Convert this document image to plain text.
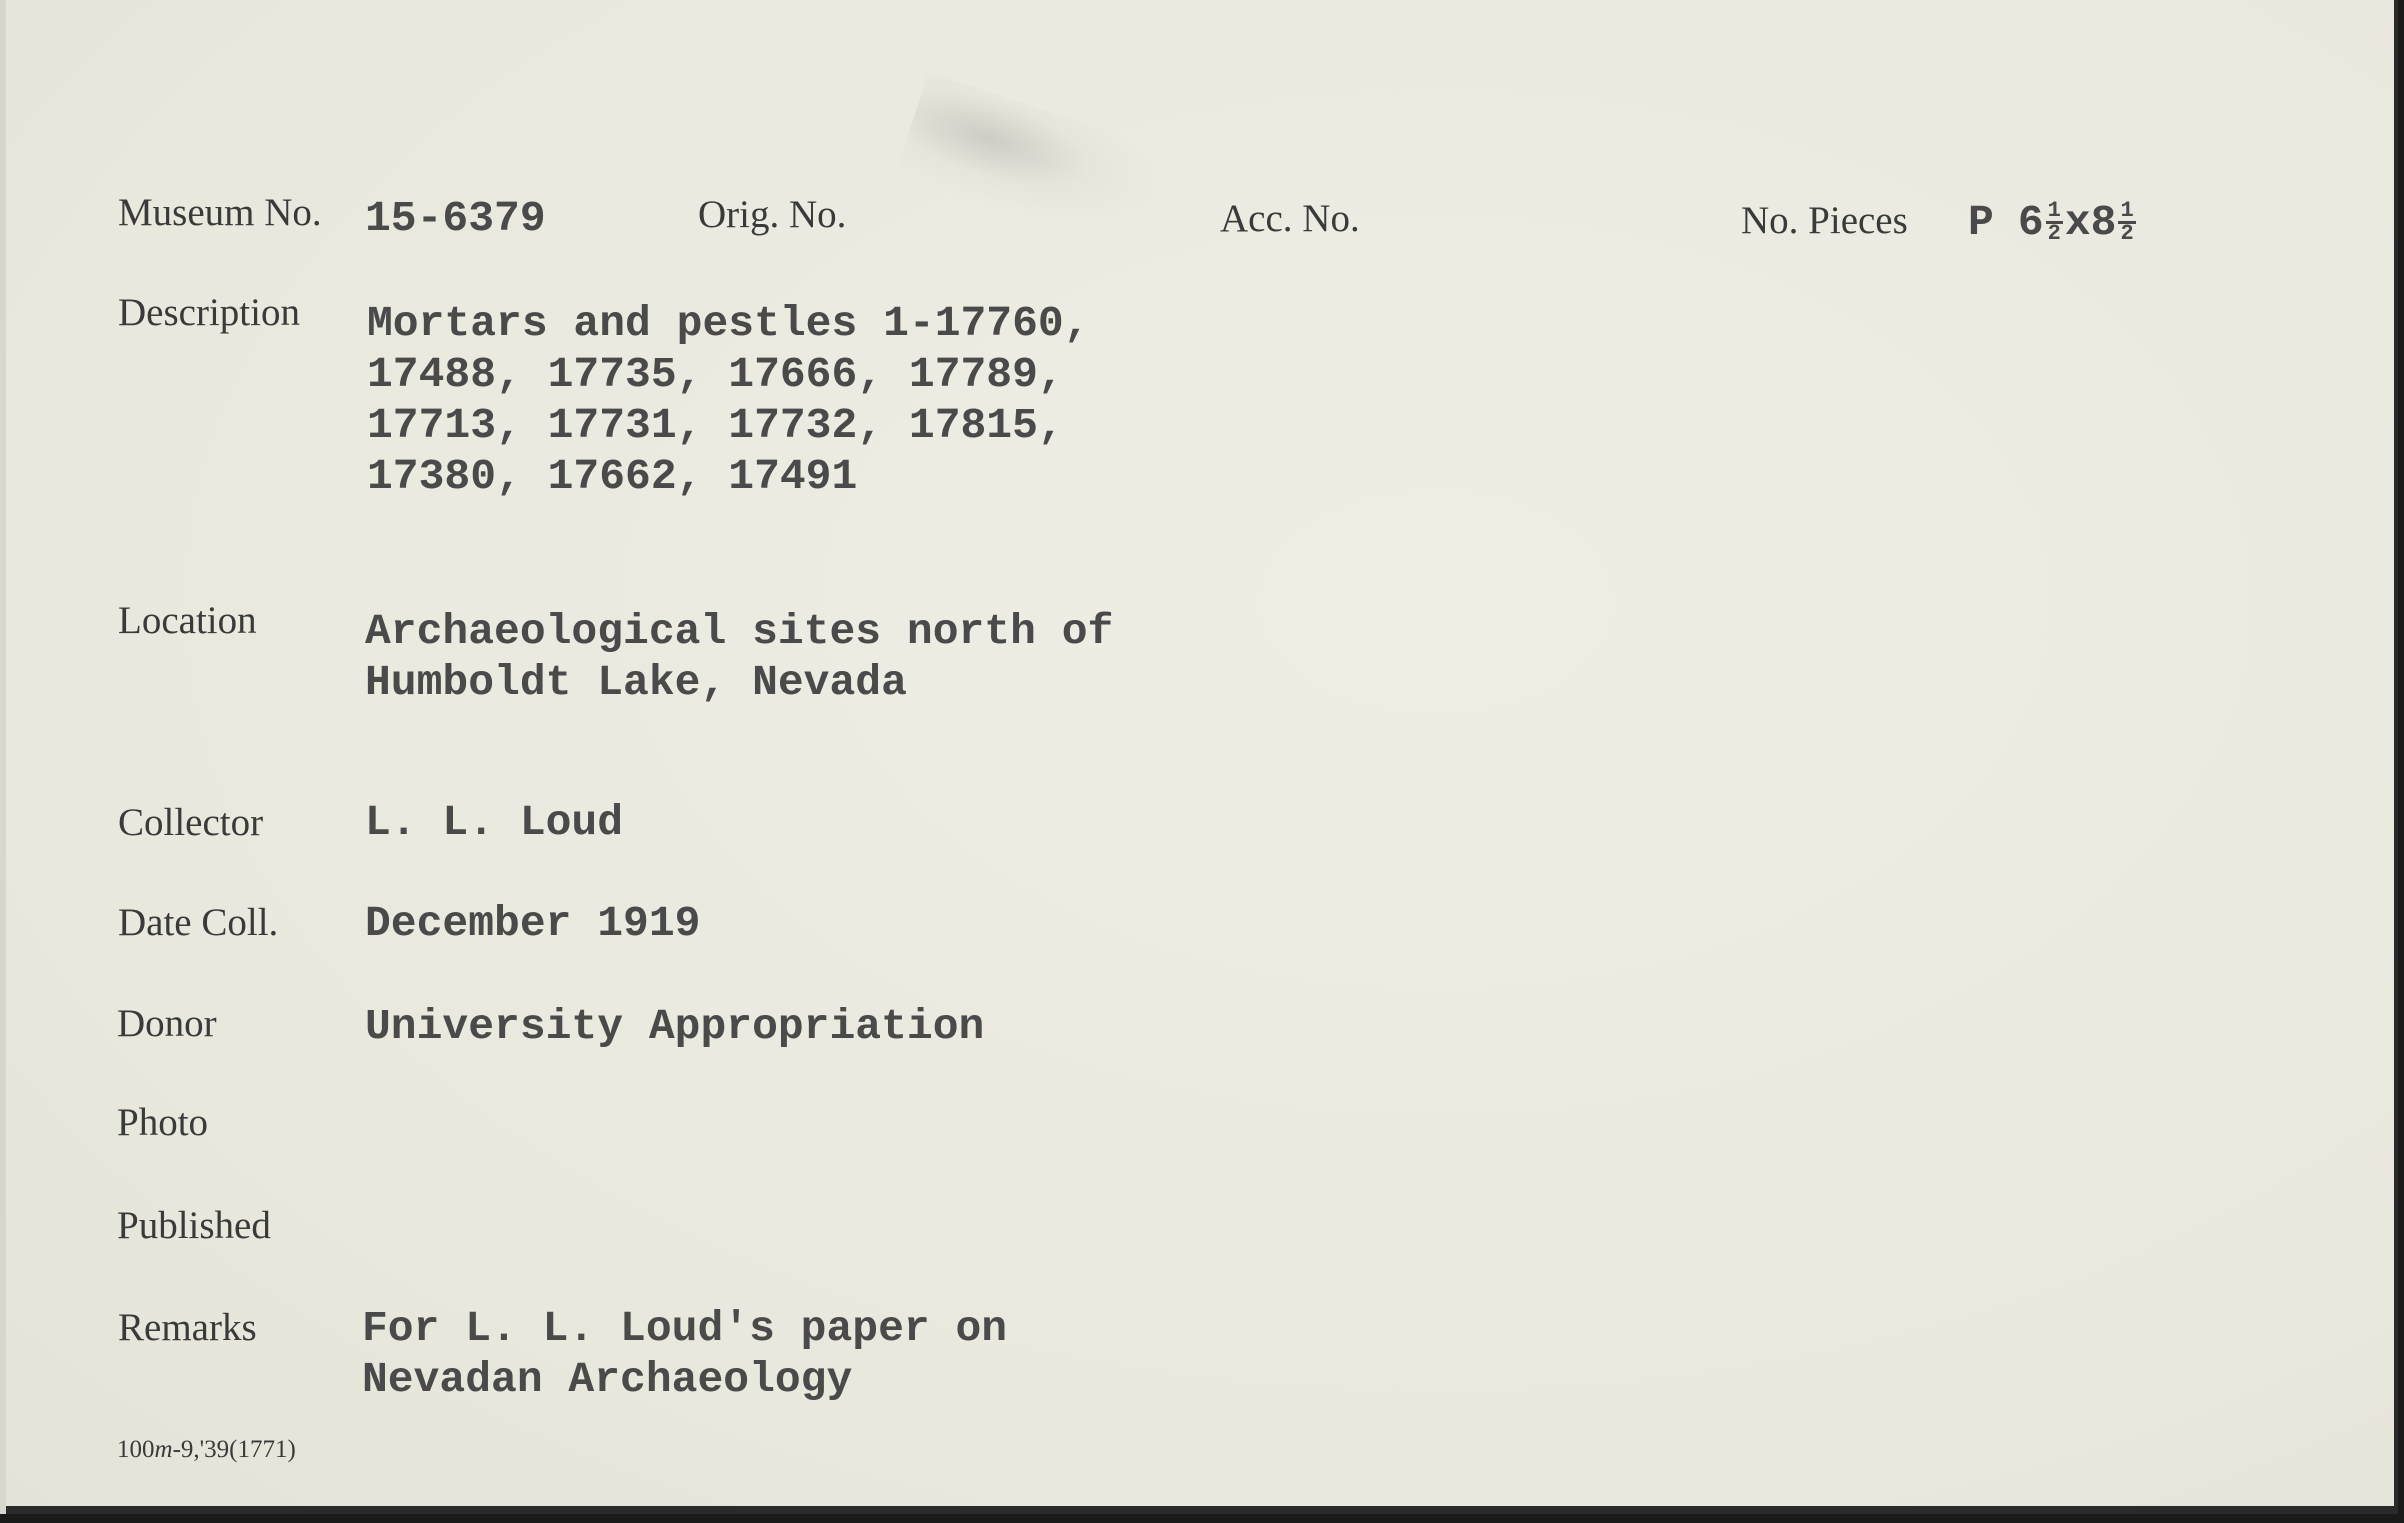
Museum No. 15-6379	Orig. No.	Acc. No.	No. Pieces P $6 \frac{1}{2} x8 \frac{1}{2}$
Description Mortars and pestles 1-17760,
17488, 17735, 17666, 17789,
17713, 17731, 17732, 17815,
17380, 17662, 17491
Location	Archaeological sites north of
Humboldt Lake, Nevada
Collector L. L. Loud
Date Coll. December 1919
Donor	University Appropriation
Photo
Published
Remarks For L. L. Loud's paper on
Nevadan Archaeology
100m-9,'39(1771)
